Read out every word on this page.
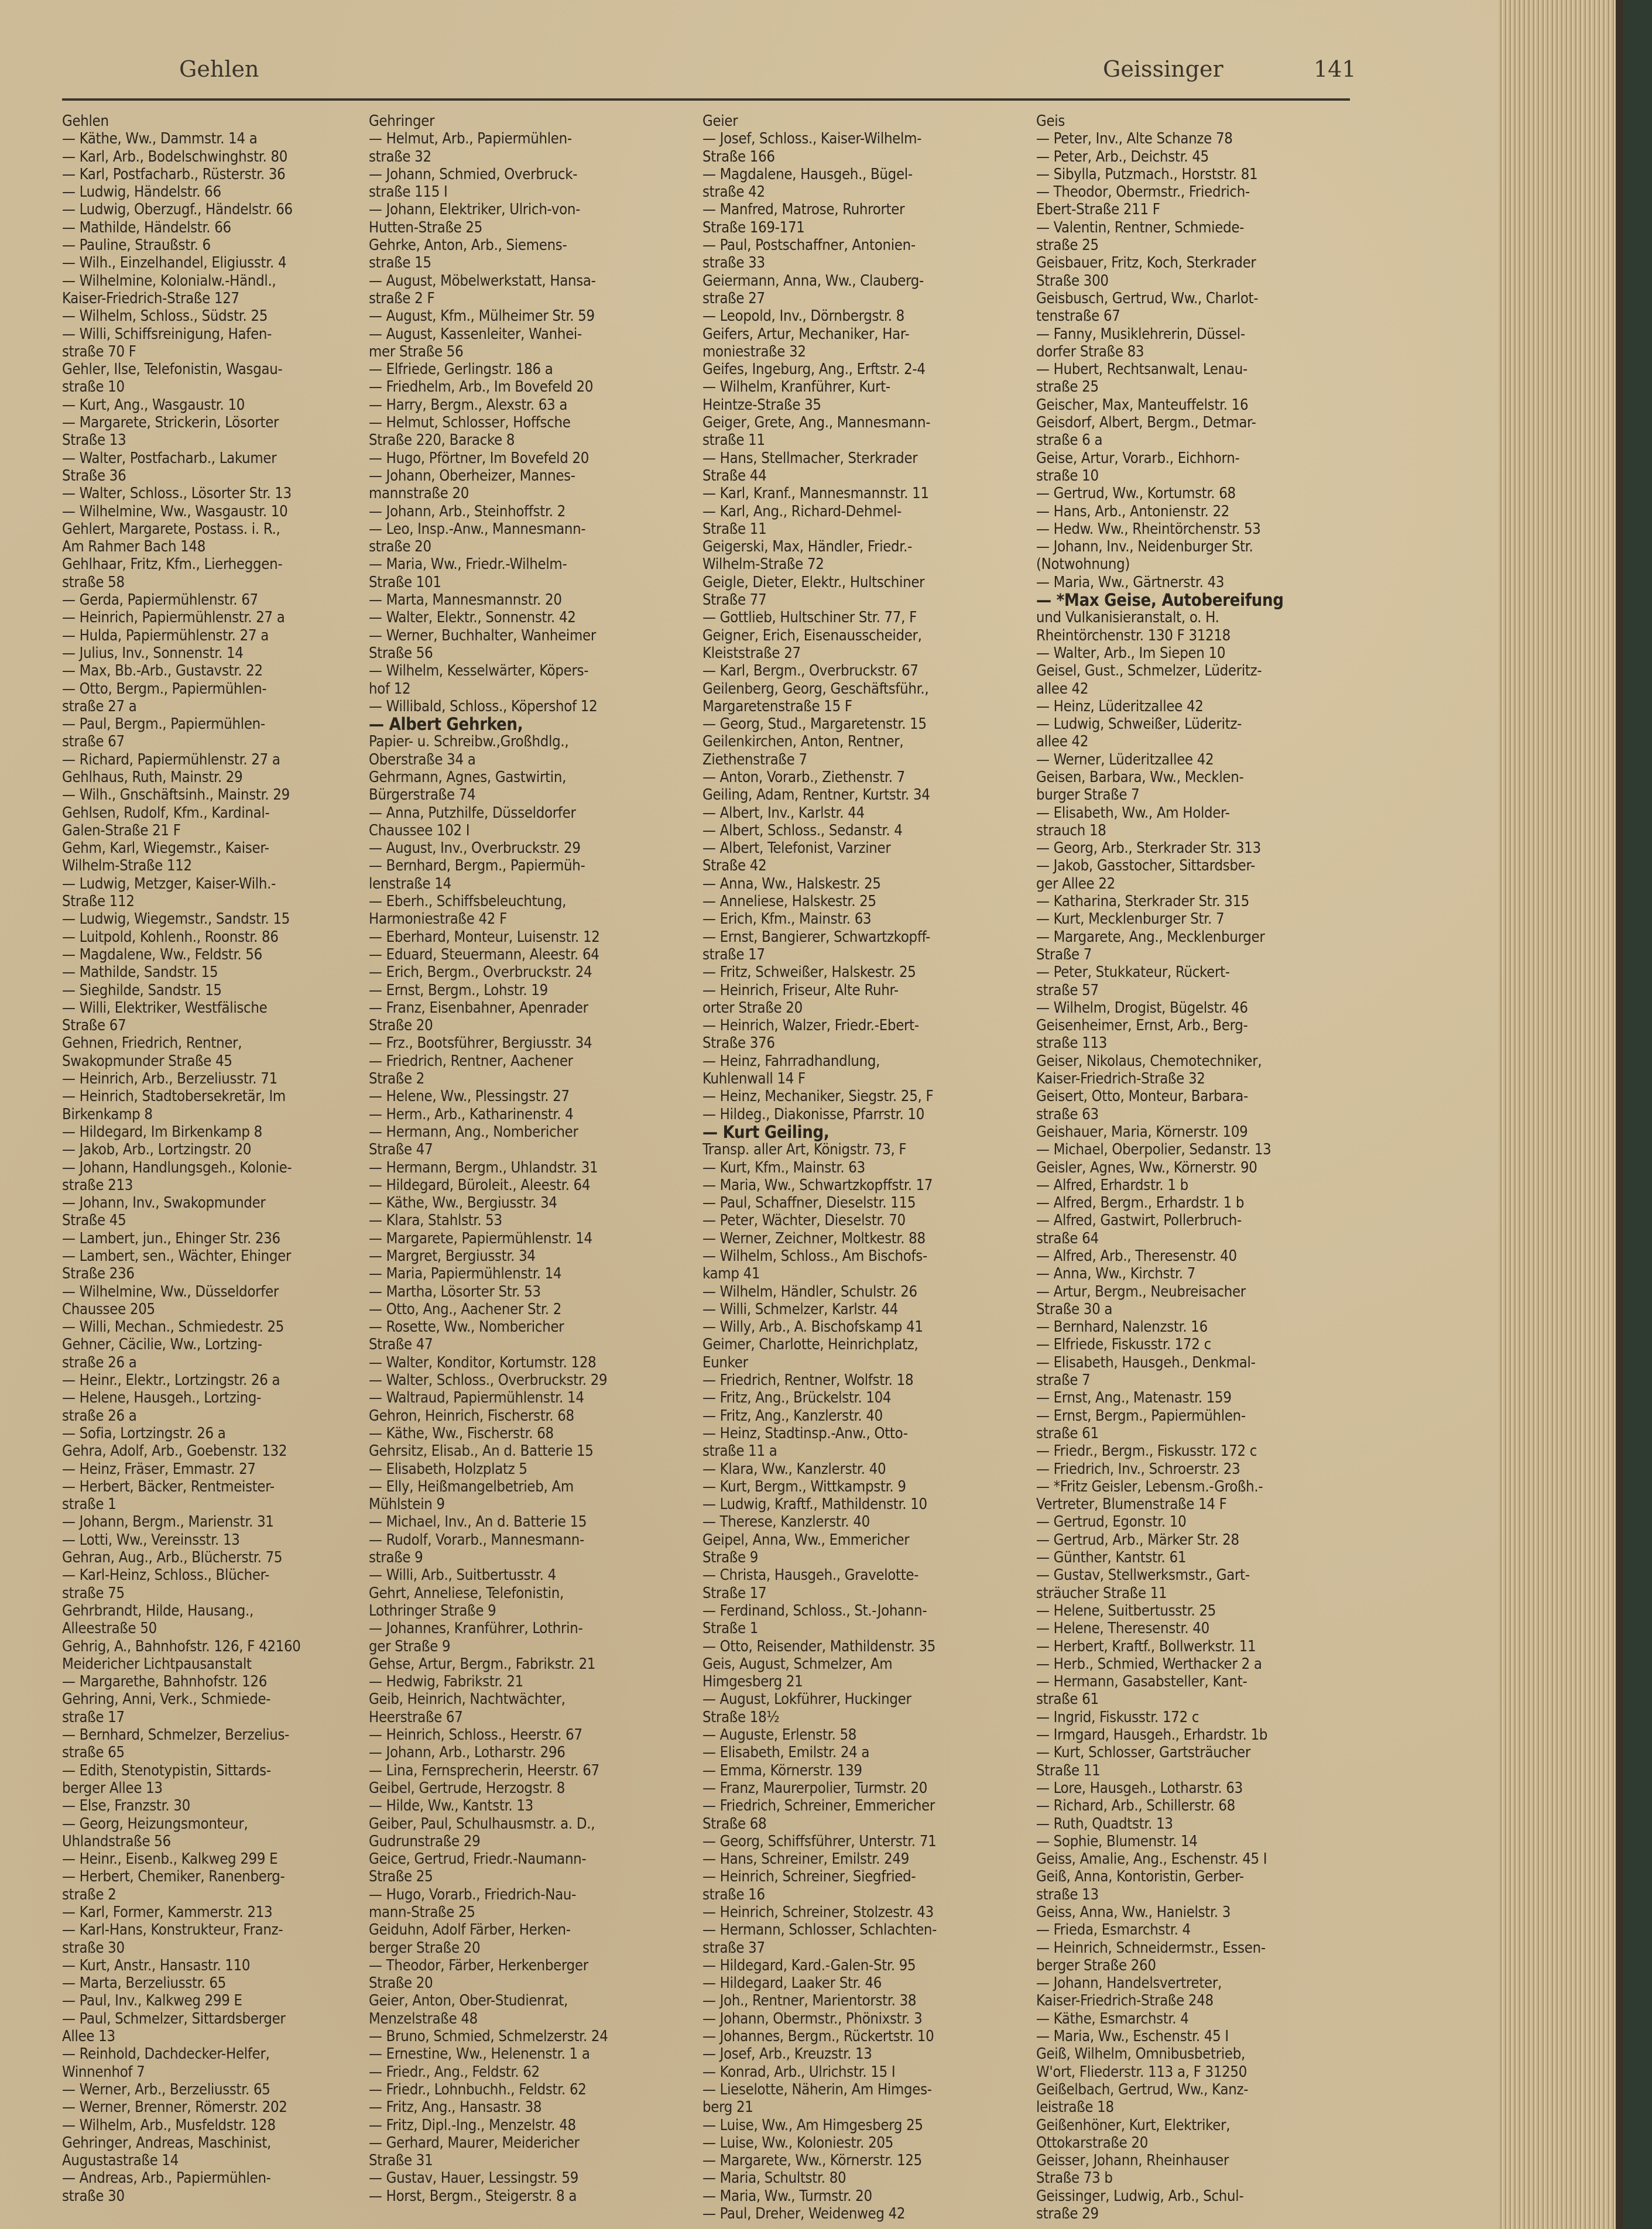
Gehlen	Geissinger	141
Gehlen
— Käthe, Ww., Dammstr. 14 a
— Karl, Arb., Bodelschwinghstr. 80
— Karl, Postfacharb., Rüsterstr. 36
— Ludwig, Händelstr. 66
— Ludwig, Oberzugf., Händelstr. 66
— Mathilde, Händelstr. 66
— Pauline, Straußstr. 6
— Wilh., Einzelhandel, Eligiusstr. 4
— Wilhelmine, Kolonialw.-Händl.,
Kaiser-Friedrich-Straße 127
— Wilhelm, Schloss., Südstr. 25
— Willi, Schiffsreinigung, Hafen-
straße 70 F
Gehler, Ilse, Telefonistin, Wasgau-
straße 10
— Kurt, Ang., Wasgaustr. 10
— Margarete, Strickerin, Lösorter
Straße 13
— Walter, Postfacharb., Lakumer
Straße 36
— Walter, Schloss., Lösorter Str. 13
— Wilhelmine, Ww., Wasgaustr. 10
Gehlert, Margarete, Postass. i. R.,
Am Rahmer Bach 148
Gehlhaar, Fritz, Kfm., Lierheggen-
straße 58
— Gerda, Papiermühlenstr. 67
— Heinrich, Papiermühlenstr. 27 a
— Hulda, Papiermühlenstr. 27 a
— Julius, Inv., Sonnenstr. 14
— Max, Bb.-Arb., Gustavstr. 22
— Otto, Bergm., Papiermühlen-
straße 27 a
— Paul, Bergm., Papiermühlen-
straße 67
— Richard, Papiermühlenstr. 27 a
Gehlhaus, Ruth, Mainstr. 29
— Wilh., Gnschäftsinh., Mainstr. 29
Gehlsen, Rudolf, Kfm., Kardinal-
Galen-Straße 21 F
Gehm, Karl, Wiegemstr., Kaiser-
Wilhelm-Straße 112
— Ludwig, Metzger, Kaiser-Wilh.-
Straße 112
— Ludwig, Wiegemstr., Sandstr. 15
— Luitpold, Kohlenh., Roonstr. 86
— Magdalene, Ww., Feldstr. 56
— Mathilde, Sandstr. 15
— Sieghilde, Sandstr. 15
— Willi, Elektriker, Westfälische
Straße 67
Gehnen, Friedrich, Rentner,
Swakopmunder Straße 45
— Heinrich, Arb., Berzeliusstr. 71
— Heinrich, Stadtobersekretär, Im
Birkenkamp 8
— Hildegard, Im Birkenkamp 8
— Jakob, Arb., Lortzingstr. 20
— Johann, Handlungsgeh., Kolonie-
straße 213
— Johann, Inv., Swakopmunder
Straße 45
— Lambert, jun., Ehinger Str. 236
— Lambert, sen., Wächter, Ehinger
Straße 236
— Wilhelmine, Ww., Düsseldorfer
Chaussee 205
— Willi, Mechan., Schmiedestr. 25
Gehner, Cäcilie, Ww., Lortzing-
straße 26 a
— Heinr., Elektr., Lortzingstr. 26 a
— Helene, Hausgeh., Lortzing-
straße 26 a
— Sofia, Lortzingstr. 26 a
Gehra, Adolf, Arb., Goebenstr. 132
— Heinz, Fräser, Emmastr. 27
— Herbert, Bäcker, Rentmeister-
straße 1
— Johann, Bergm., Marienstr. 31
— Lotti, Ww., Vereinsstr. 13
Gehran, Aug., Arb., Blücherstr. 75
— Karl-Heinz, Schloss., Blücher-
straße 75
Gehrbrandt, Hilde, Hausang.,
Alleestraße 50
Gehrig, A., Bahnhofstr. 126, F 42160
Meidericher Lichtpausanstalt
— Margarethe, Bahnhofstr. 126
Gehring, Anni, Verk., Schmiede-
straße 17
— Bernhard, Schmelzer, Berzelius-
straße 65
— Edith, Stenotypistin, Sittards-
berger Allee 13
— Else, Franzstr. 30
— Georg, Heizungsmonteur,
Uhlandstraße 56
— Heinr., Eisenb., Kalkweg 299 E
— Herbert, Chemiker, Ranenberg-
straße 2
— Karl, Former, Kammerstr. 213
— Karl-Hans, Konstrukteur, Franz-
straße 30
— Kurt, Anstr., Hansastr. 110
— Marta, Berzeliusstr. 65
— Paul, Inv., Kalkweg 299 E
— Paul, Schmelzer, Sittardsberger
Allee 13
— Reinhold, Dachdecker-Helfer,
Winnenhof 7
— Werner, Arb., Berzeliusstr. 65
— Werner, Brenner, Römerstr. 202
— Wilhelm, Arb., Musfeldstr. 128
Gehringer, Andreas, Maschinist,
Augustastraße 14
— Andreas, Arb., Papiermühlen-
straße 30
Gehringer
— Helmut, Arb., Papiermühlen-
straße 32
— Johann, Schmied, Overbruck-
straße 115 I
— Johann, Elektriker, Ulrich-von-
Hutten-Straße 25
Gehrke, Anton, Arb., Siemens-
straße 15
— August, Möbelwerkstatt, Hansa-
straße 2 F
— August, Kfm., Mülheimer Str. 59
— August, Kassenleiter, Wanhei-
mer Straße 56
— Elfriede, Gerlingstr. 186 a
— Friedhelm, Arb., Im Bovefeld 20
— Harry, Bergm., Alexstr. 63 a
— Helmut, Schlosser, Hoffsche
Straße 220, Baracke 8
— Hugo, Pförtner, Im Bovefeld 20
— Johann, Oberheizer, Mannes-
mannstraße 20
— Johann, Arb., Steinhoffstr. 2
— Leo, Insp.-Anw., Mannesmann-
straße 20
— Maria, Ww., Friedr.-Wilhelm-
Straße 101
— Marta, Mannesmannstr. 20
— Walter, Elektr., Sonnenstr. 42
— Werner, Buchhalter, Wanheimer
Straße 56
— Wilhelm, Kesselwärter, Köpers-
hof 12
— Willibald, Schloss., Köpershof 12
— Albert Gehrken,
Papier- u. Schreibw.,Großhdlg.,
Oberstraße 34 a
Gehrmann, Agnes, Gastwirtin,
Bürgerstraße 74
— Anna, Putzhilfe, Düsseldorfer
Chaussee 102 I
— August, Inv., Overbruckstr. 29
— Bernhard, Bergm., Papiermüh-
lenstraße 14
— Eberh., Schiffsbeleuchtung,
Harmoniestraße 42 F
— Eberhard, Monteur, Luisenstr. 12
— Eduard, Steuermann, Aleestr. 64
— Erich, Bergm., Overbruckstr. 24
— Ernst, Bergm., Lohstr. 19
— Franz, Eisenbahner, Apenrader
Straße 20
— Frz., Bootsführer, Bergiusstr. 34
— Friedrich, Rentner, Aachener
Straße 2
— Helene, Ww., Plessingstr. 27
— Herm., Arb., Katharinenstr. 4
— Hermann, Ang., Nombericher
Straße 47
— Hermann, Bergm., Uhlandstr. 31
— Hildegard, Büroleit., Aleestr. 64
— Käthe, Ww., Bergiusstr. 34
— Klara, Stahlstr. 53
— Margarete, Papiermühlenstr. 14
— Margret, Bergiusstr. 34
— Maria, Papiermühlenstr. 14
— Martha, Lösorter Str. 53
— Otto, Ang., Aachener Str. 2
— Rosette, Ww., Nombericher
Straße 47
— Walter, Konditor, Kortumstr. 128
— Walter, Schloss., Overbruckstr. 29
— Waltraud, Papiermühlenstr. 14
Gehron, Heinrich, Fischerstr. 68
— Käthe, Ww., Fischerstr. 68
Gehrsitz, Elisab., An d. Batterie 15
— Elisabeth, Holzplatz 5
— Elly, Heißmangelbetrieb, Am
Mühlstein 9
— Michael, Inv., An d. Batterie 15
— Rudolf, Vorarb., Mannesmann-
straße 9
— Willi, Arb., Suitbertusstr. 4
Gehrt, Anneliese, Telefonistin,
Lothringer Straße 9
— Johannes, Kranführer, Lothrin-
ger Straße 9
Gehse, Artur, Bergm., Fabrikstr. 21
— Hedwig, Fabrikstr. 21
Geib, Heinrich, Nachtwächter,
Heerstraße 67
— Heinrich, Schloss., Heerstr. 67
— Johann, Arb., Lotharstr. 296
— Lina, Fernsprecherin, Heerstr. 67
Geibel, Gertrude, Herzogstr. 8
— Hilde, Ww., Kantstr. 13
Geiber, Paul, Schulhausmstr. a. D.,
Gudrunstraße 29
Geice, Gertrud, Friedr.-Naumann-
Straße 25
— Hugo, Vorarb., Friedrich-Nau-
mann-Straße 25
Geiduhn, Adolf Färber, Herken-
berger Straße 20
— Theodor, Färber, Herkenberger
Straße 20
Geier, Anton, Ober-Studienrat,
Menzelstraße 48
— Bruno, Schmied, Schmelzerstr. 24
— Ernestine, Ww., Helenenstr. 1 a
— Friedr., Ang., Feldstr. 62
— Friedr., Lohnbuchh., Feldstr. 62
— Fritz, Ang., Hansastr. 38
— Fritz, Dipl.-Ing., Menzelstr. 48
— Gerhard, Maurer, Meidericher
Straße 31
— Gustav, Hauer, Lessingstr. 59
— Horst, Bergm., Steigerstr. 8 a
Geier
— Josef, Schloss., Kaiser-Wilhelm-
Straße 166
— Magdalene, Hausgeh., Bügel-
straße 42
— Manfred, Matrose, Ruhrorter
Straße 169-171
— Paul, Postschaffner, Antonien-
straße 33
Geiermann, Anna, Ww., Clauberg-
straße 27
— Leopold, Inv., Dörnbergstr. 8
Geifers, Artur, Mechaniker, Har-
moniestraße 32
Geifes, Ingeburg, Ang., Erftstr. 2-4
— Wilhelm, Kranführer, Kurt-
Heintze-Straße 35
Geiger, Grete, Ang., Mannesmann-
straße 11
— Hans, Stellmacher, Sterkrader
Straße 44
— Karl, Kranf., Mannesmannstr. 11
— Karl, Ang., Richard-Dehmel-
Straße 11
Geigerski, Max, Händler, Friedr.-
Wilhelm-Straße 72
Geigle, Dieter, Elektr., Hultschiner
Straße 77
— Gottlieb, Hultschiner Str. 77, F
Geigner, Erich, Eisenausscheider,
Kleiststraße 27
— Karl, Bergm., Overbruckstr. 67
Geilenberg, Georg, Geschäftsführ.,
Margaretenstraße 15 F
— Georg, Stud., Margaretenstr. 15
Geilenkirchen, Anton, Rentner,
Ziethenstraße 7
— Anton, Vorarb., Ziethenstr. 7
Geiling, Adam, Rentner, Kurtstr. 34
— Albert, Inv., Karlstr. 44
— Albert, Schloss., Sedanstr. 4
— Albert, Telefonist, Varziner
Straße 42
— Anna, Ww., Halskestr. 25
— Anneliese, Halskestr. 25
— Erich, Kfm., Mainstr. 63
— Ernst, Bangierer, Schwartzkopff-
straße 17
— Fritz, Schweißer, Halskestr. 25
— Heinrich, Friseur, Alte Ruhr-
orter Straße 20
— Heinrich, Walzer, Friedr.-Ebert-
Straße 376
— Heinz, Fahrradhandlung,
Kuhlenwall 14 F
— Heinz, Mechaniker, Siegstr. 25, F
— Hildeg., Diakonisse, Pfarrstr. 10
— Kurt Geiling,
Transp. aller Art, Königstr. 73, F
— Kurt, Kfm., Mainstr. 63
— Maria, Ww., Schwartzkopffstr. 17
— Paul, Schaffner, Dieselstr. 115
— Peter, Wächter, Dieselstr. 70
— Werner, Zeichner, Moltkestr. 88
— Wilhelm, Schloss., Am Bischofs-
kamp 41
— Wilhelm, Händler, Schulstr. 26
— Willi, Schmelzer, Karlstr. 44
— Willy, Arb., A. Bischofskamp 41
Geimer, Charlotte, Heinrichplatz,
Eunker
— Friedrich, Rentner, Wolfstr. 18
— Fritz, Ang., Brückelstr. 104
— Fritz, Ang., Kanzlerstr. 40
— Heinz, Stadtinsp.-Anw., Otto-
straße 11 a
— Klara, Ww., Kanzlerstr. 40
— Kurt, Bergm., Wittkampstr. 9
— Ludwig, Kraftf., Mathildenstr. 10
— Therese, Kanzlerstr. 40
Geipel, Anna, Ww., Emmericher
Straße 9
— Christa, Hausgeh., Gravelotte-
Straße 17
— Ferdinand, Schloss., St.-Johann-
Straße 1
— Otto, Reisender, Mathildenstr. 35
Geis, August, Schmelzer, Am
Himgesberg 21
— August, Lokführer, Huckinger
Straße 18½
— Auguste, Erlenstr. 58
— Elisabeth, Emilstr. 24 a
— Emma, Körnerstr. 139
— Franz, Maurerpolier, Turmstr. 20
— Friedrich, Schreiner, Emmericher
Straße 68
— Georg, Schiffsführer, Unterstr. 71
— Hans, Schreiner, Emilstr. 249
— Heinrich, Schreiner, Siegfried-
straße 16
— Heinrich, Schreiner, Stolzestr. 43
— Hermann, Schlosser, Schlachten-
straße 37
— Hildegard, Kard.-Galen-Str. 95
— Hildegard, Laaker Str. 46
— Joh., Rentner, Marientorstr. 38
— Johann, Obermstr., Phönixstr. 3
— Johannes, Bergm., Rückertstr. 10
— Josef, Arb., Kreuzstr. 13
— Konrad, Arb., Ulrichstr. 15 I
— Lieselotte, Näherin, Am Himges-
berg 21
— Luise, Ww., Am Himgesberg 25
— Luise, Ww., Koloniestr. 205
— Margarete, Ww., Körnerstr. 125
— Maria, Schultstr. 80
— Maria, Ww., Turmstr. 20
— Paul, Dreher, Weidenweg 42
Geis
— Peter, Inv., Alte Schanze 78
— Peter, Arb., Deichstr. 45
— Sibylla, Putzmach., Horststr. 81
— Theodor, Obermstr., Friedrich-
Ebert-Straße 211 F
— Valentin, Rentner, Schmiede-
straße 25
Geisbauer, Fritz, Koch, Sterkrader
Straße 300
Geisbusch, Gertrud, Ww., Charlot-
tenstraße 67
— Fanny, Musiklehrerin, Düssel-
dorfer Straße 83
— Hubert, Rechtsanwalt, Lenau-
straße 25
Geischer, Max, Manteuffelstr. 16
Geisdorf, Albert, Bergm., Detmar-
straße 6 a
Geise, Artur, Vorarb., Eichhorn-
straße 10
— Gertrud, Ww., Kortumstr. 68
— Hans, Arb., Antonienstr. 22
— Hedw. Ww., Rheintörchenstr. 53
— Johann, Inv., Neidenburger Str.
(Notwohnung)
— Maria, Ww., Gärtnerstr. 43
— *Max Geise, Autobereifung
und Vulkanisieranstalt, o. H.
Rheintörchenstr. 130 F 31218
— Walter, Arb., Im Siepen 10
Geisel, Gust., Schmelzer, Lüderitz-
allee 42
— Heinz, Lüderitzallee 42
— Ludwig, Schweißer, Lüderitz-
allee 42
— Werner, Lüderitzallee 42
Geisen, Barbara, Ww., Mecklen-
burger Straße 7
— Elisabeth, Ww., Am Holder-
strauch 18
— Georg, Arb., Sterkrader Str. 313
— Jakob, Gasstocher, Sittardsber-
ger Allee 22
— Katharina, Sterkrader Str. 315
— Kurt, Mecklenburger Str. 7
— Margarete, Ang., Mecklenburger
Straße 7
— Peter, Stukkateur, Rückert-
straße 57
— Wilhelm, Drogist, Bügelstr. 46
Geisenheimer, Ernst, Arb., Berg-
straße 113
Geiser, Nikolaus, Chemotechniker,
Kaiser-Friedrich-Straße 32
Geisert, Otto, Monteur, Barbara-
straße 63
Geishauer, Maria, Körnerstr. 109
— Michael, Oberpolier, Sedanstr. 13
Geisler, Agnes, Ww., Körnerstr. 90
— Alfred, Erhardstr. 1 b
— Alfred, Bergm., Erhardstr. 1 b
— Alfred, Gastwirt, Pollerbruch-
straße 64
— Alfred, Arb., Theresenstr. 40
— Anna, Ww., Kirchstr. 7
— Artur, Bergm., Neubreisacher
Straße 30 a
— Bernhard, Nalenzstr. 16
— Elfriede, Fiskusstr. 172 c
— Elisabeth, Hausgeh., Denkmal-
straße 7
— Ernst, Ang., Matenastr. 159
— Ernst, Bergm., Papiermühlen-
straße 61
— Friedr., Bergm., Fiskusstr. 172 c
— Friedrich, Inv., Schroerstr. 23
— *Fritz Geisler, Lebensm.-Großh.-
Vertreter, Blumenstraße 14 F
— Gertrud, Egonstr. 10
— Gertrud, Arb., Märker Str. 28
— Günther, Kantstr. 61
— Gustav, Stellwerksmstr., Gart-
sträucher Straße 11
— Helene, Suitbertusstr. 25
— Helene, Theresenstr. 40
— Herbert, Kraftf., Bollwerkstr. 11
— Herb., Schmied, Werthacker 2 a
— Hermann, Gasabsteller, Kant-
straße 61
— Ingrid, Fiskusstr. 172 c
— Irmgard, Hausgeh., Erhardstr. 1b
— Kurt, Schlosser, Gartsträucher
Straße 11
— Lore, Hausgeh., Lotharstr. 63
— Richard, Arb., Schillerstr. 68
— Ruth, Quadtstr. 13
— Sophie, Blumenstr. 14
Geiss, Amalie, Ang., Eschenstr. 45 I
Geiß, Anna, Kontoristin, Gerber-
straße 13
Geiss, Anna, Ww., Hanielstr. 3
— Frieda, Esmarchstr. 4
— Heinrich, Schneidermstr., Essen-
berger Straße 260
— Johann, Handelsvertreter,
Kaiser-Friedrich-Straße 248
— Käthe, Esmarchstr. 4
— Maria, Ww., Eschenstr. 45 I
Geiß, Wilhelm, Omnibusbetrieb,
W'ort, Fliederstr. 113 a, F 31250
Geißelbach, Gertrud, Ww., Kanz-
leistraße 18
Geißenhöner, Kurt, Elektriker,
Ottokarstraße 20
Geisser, Johann, Rheinhauser
Straße 73 b
Geissinger, Ludwig, Arb., Schul-
straße 29
